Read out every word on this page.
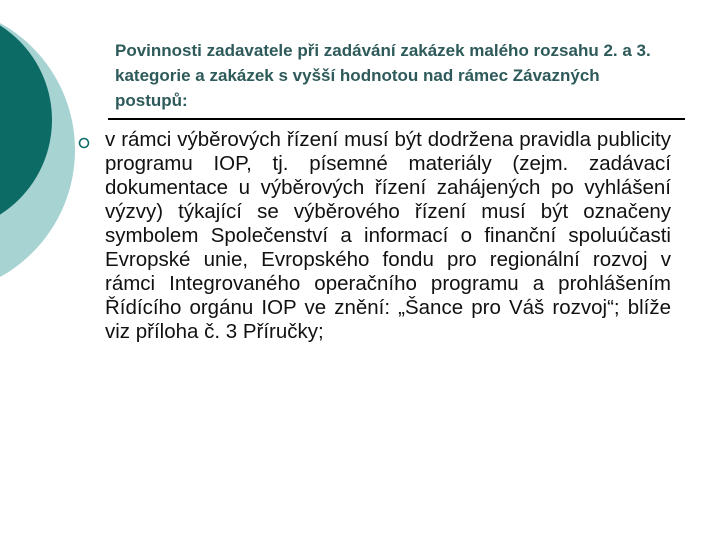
Povinnosti zadavatele při zadávání zakázek malého rozsahu 2. a 3. kategorie a zakázek s vyšší hodnotou nad rámec Závazných postupů:

v rámci výběrových řízení musí být dodržena pravidla publicity programu IOP, tj. písemné materiály (zejm. zadávací dokumentace u výběrových řízení zahájených po vyhlášení výzvy) týkající se výběrového řízení musí být označeny symbolem Společenství a informací o finanční spoluúčasti Evropské unie, Evropského fondu pro regionální rozvoj v rámci Integrovaného operačního programu a prohlášením Řídícího orgánu IOP ve znění: „Šance pro Váš rozvoj“; blíže viz příloha č. 3 Příručky;
